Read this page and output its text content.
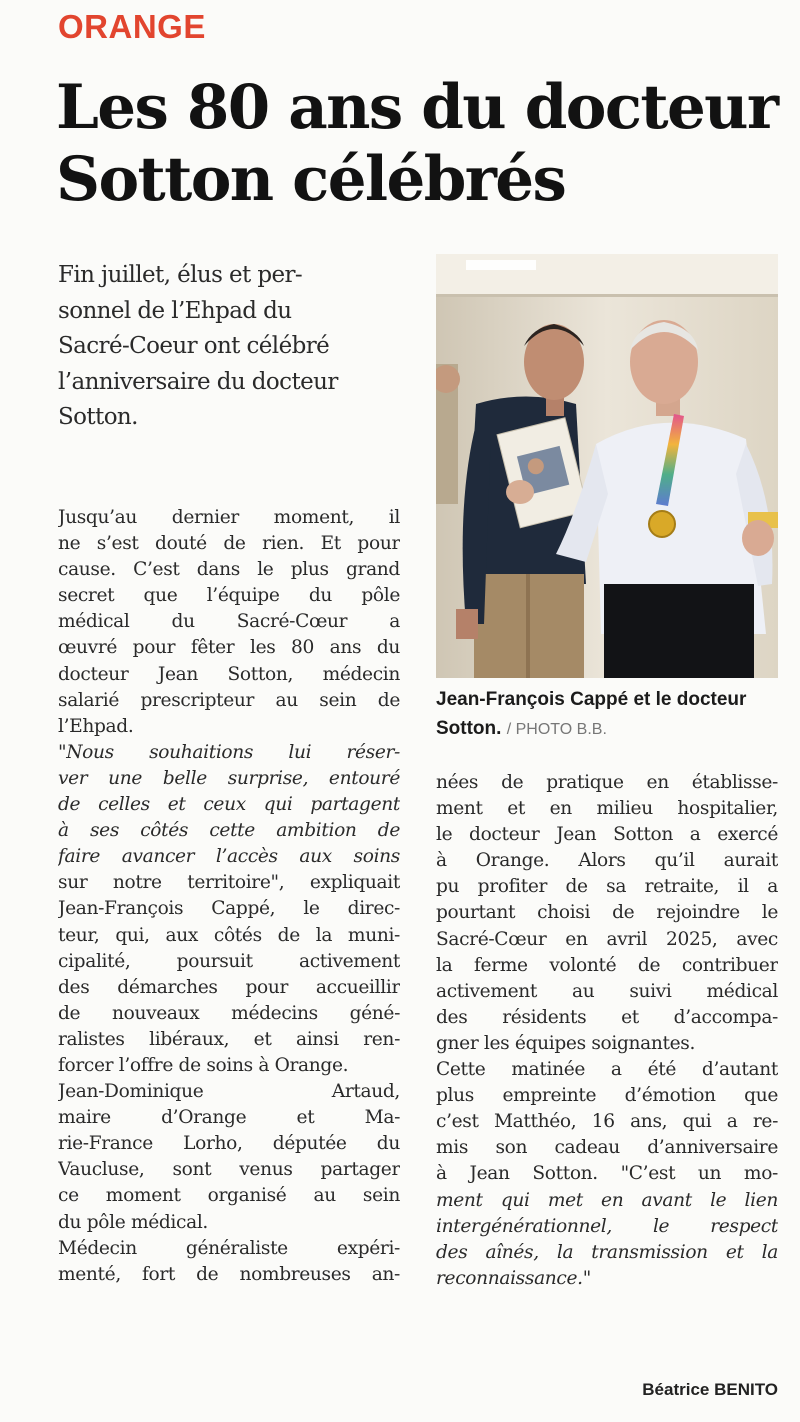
ORANGE
Les 80 ans du docteur
Sotton célébrés

Fin juillet, élus et per-
sonnel de l’Ehpad du
Sacré-Coeur ont célébré
l’anniversaire du docteur
Sotton.

Jean-François Cappé et le docteur Sotton. / PHOTO B.B.
Jusqu’au dernier moment, il
ne s’est douté de rien. Et pour
cause. C’est dans le plus grand
secret que l’équipe du pôle
médical du Sacré-Cœur a
œuvré pour fêter les 80 ans du
docteur Jean Sotton, médecin
salarié prescripteur au sein de
l’Ehpad.
"Nous souhaitions lui réser-
ver une belle surprise, entouré
de celles et ceux qui partagent
à ses côtés cette ambition de
faire avancer l’accès aux soins
sur notre territoire", expliquait
Jean-François Cappé, le direc-
teur, qui, aux côtés de la muni-
cipalité, poursuit activement
des démarches pour accueillir
de nouveaux médecins géné-
ralistes libéraux, et ainsi ren-
forcer l’offre de soins à Orange.
Jean-Dominique Artaud,
maire d’Orange et Ma-
rie-France Lorho, députée du
Vaucluse, sont venus partager
ce moment organisé au sein
du pôle médical.
Médecin généraliste expéri-
menté, fort de nombreuses an-
nées de pratique en établisse-
ment et en milieu hospitalier,
le docteur Jean Sotton a exercé
à Orange. Alors qu’il aurait
pu profiter de sa retraite, il a
pourtant choisi de rejoindre le
Sacré-Cœur en avril 2025, avec
la ferme volonté de contribuer
activement au suivi médical
des résidents et d’accompa-
gner les équipes soignantes.
Cette matinée a été d’autant
plus empreinte d’émotion que
c’est Matthéo, 16 ans, qui a re-
mis son cadeau d’anniversaire
à Jean Sotton. "C’est un mo-
ment qui met en avant le lien
intergénérationnel, le respect
des aînés, la transmission et la
reconnaissance."
Béatrice BENITO
